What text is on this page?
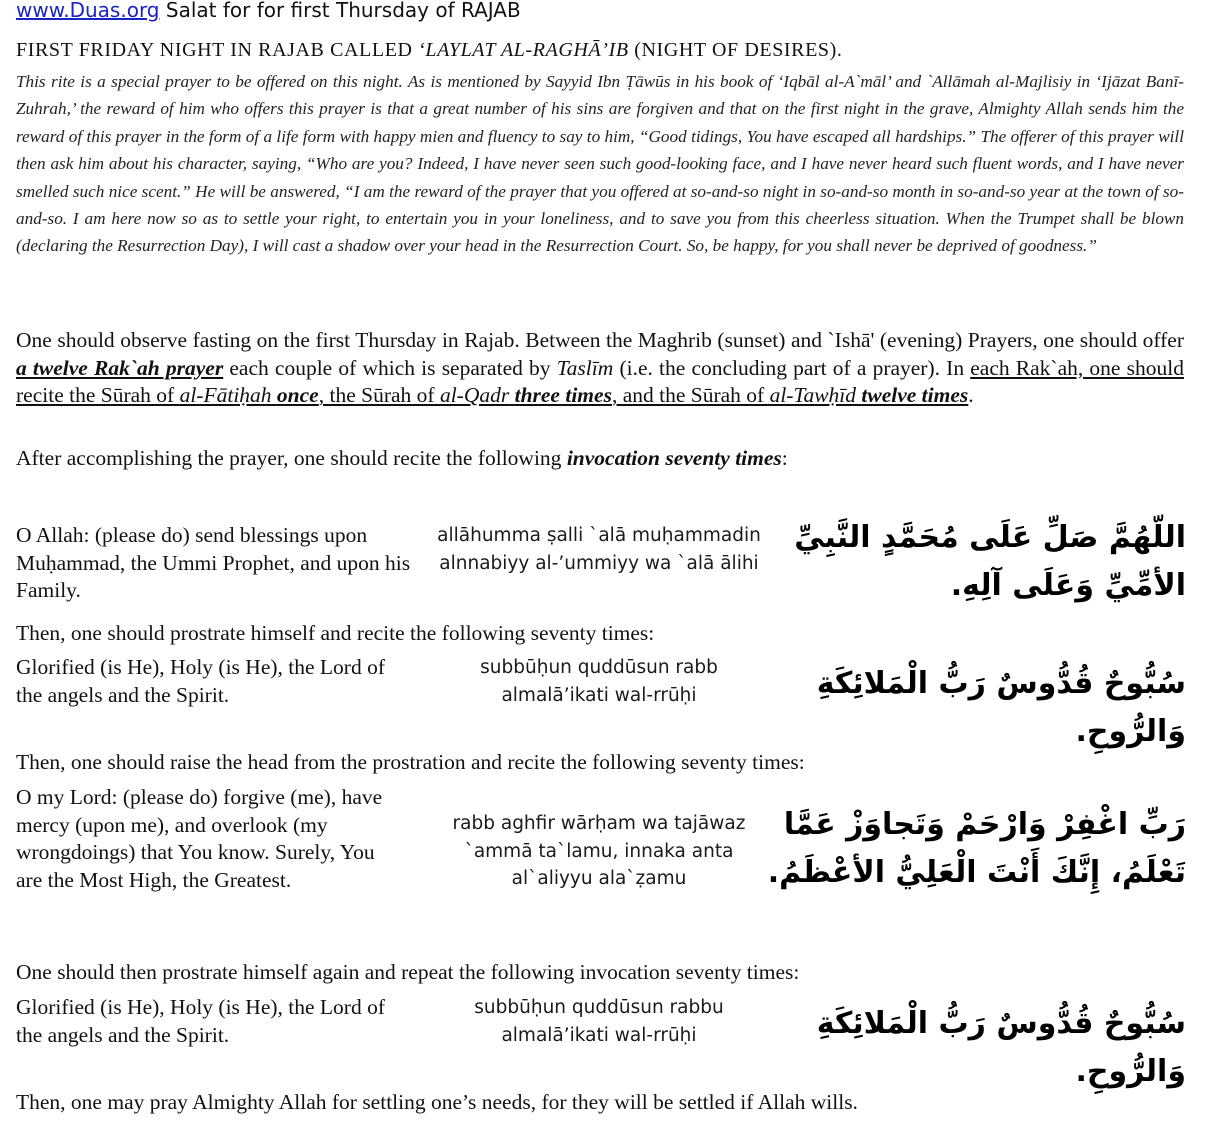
www.Duas.org Salat for for first Thursday of RAJAB
FIRST FRIDAY NIGHT IN RAJAB CALLED ‘LAYLAT AL-RAGHĀ’IB (NIGHT OF DESIRES).
This rite is a special prayer to be offered on this night. As is mentioned by Sayyid Ibn Ṭāwūs in his book of ‘Iqbāl al-A`māl’ and `Allāmah al-Majlisiy in ‘Ijāzat Banī-Zuhrah,’ the reward of him who offers this prayer is that a great number of his sins are forgiven and that on the first night in the grave, Almighty Allah sends him the reward of this prayer in the form of a life form with happy mien and fluency to say to him, “Good tidings, You have escaped all hardships.” The offerer of this prayer will then ask him about his character, saying, “Who are you? Indeed, I have never seen such good-looking face, and I have never heard such fluent words, and I have never smelled such nice scent.” He will be answered, “I am the reward of the prayer that you offered at so-and-so night in so-and-so month in so-and-so year at the town of so-and-so. I am here now so as to settle your right, to entertain you in your loneliness, and to save you from this cheerless situation. When the Trumpet shall be blown (declaring the Resurrection Day), I will cast a shadow over your head in the Resurrection Court. So, be happy, for you shall never be deprived of goodness.”
One should observe fasting on the first Thursday in Rajab. Between the Maghrib (sunset) and `Ishā' (evening) Prayers, one should offer a twelve Rak`ah prayer each couple of which is separated by Taslīm (i.e. the concluding part of a prayer). In each Rak`ah, one should recite the Sūrah of al-Fātiḥah once, the Sūrah of al-Qadr three times, and the Sūrah of al-Tawḥīd twelve times.
After accomplishing the prayer, one should recite the following invocation seventy times:
O Allah: (please do) send blessings upon Muḥammad, the Ummi Prophet, and upon his Family.
allāhumma ṣalli `alā muḥammadin alnnabiyy al-’ummiyy wa `alā ālihi
اللّهُمَّ صَلِّ عَلَى مُحَمَّدٍ النَّبِيِّ الأمِّيِّ وَعَلَى آلِهِ.
Then, one should prostrate himself and recite the following seventy times:
Glorified (is He), Holy (is He), the Lord of the angels and the Spirit.
subbūḥun quddūsun rabb almalā’ikati wal-rrūḥi	سُبُّوحٌ قُدُّوسٌ رَبُّ الْمَلائِكَةِ وَالرُّوحِ.
Then, one should raise the head from the prostration and recite the following seventy times:
O my Lord: (please do) forgive (me), have mercy (upon me), and overlook (my wrongdoings) that You know. Surely, You are the Most High, the Greatest.
rabb aghfir wārḥam wa tajāwaz `ammā ta`lamu, innaka anta al`aliyyu ala`ẓamu
رَبِّ اغْفِرْ وَارْحَمْ وَتَجاوَزْ عَمَّا تَعْلَمُ، إِنَّكَ أَنْتَ الْعَلِيُّ الأعْظَمُ.
One should then prostrate himself again and repeat the following invocation seventy times:
Glorified (is He), Holy (is He), the Lord of the angels and the Spirit.
subbūḥun quddūsun rabbu almalā’ikati wal-rrūḥi	سُبُّوحٌ قُدُّوسٌ رَبُّ الْمَلائِكَةِ وَالرُّوحِ.
Then, one may pray Almighty Allah for settling one’s needs, for they will be settled if Allah wills.
